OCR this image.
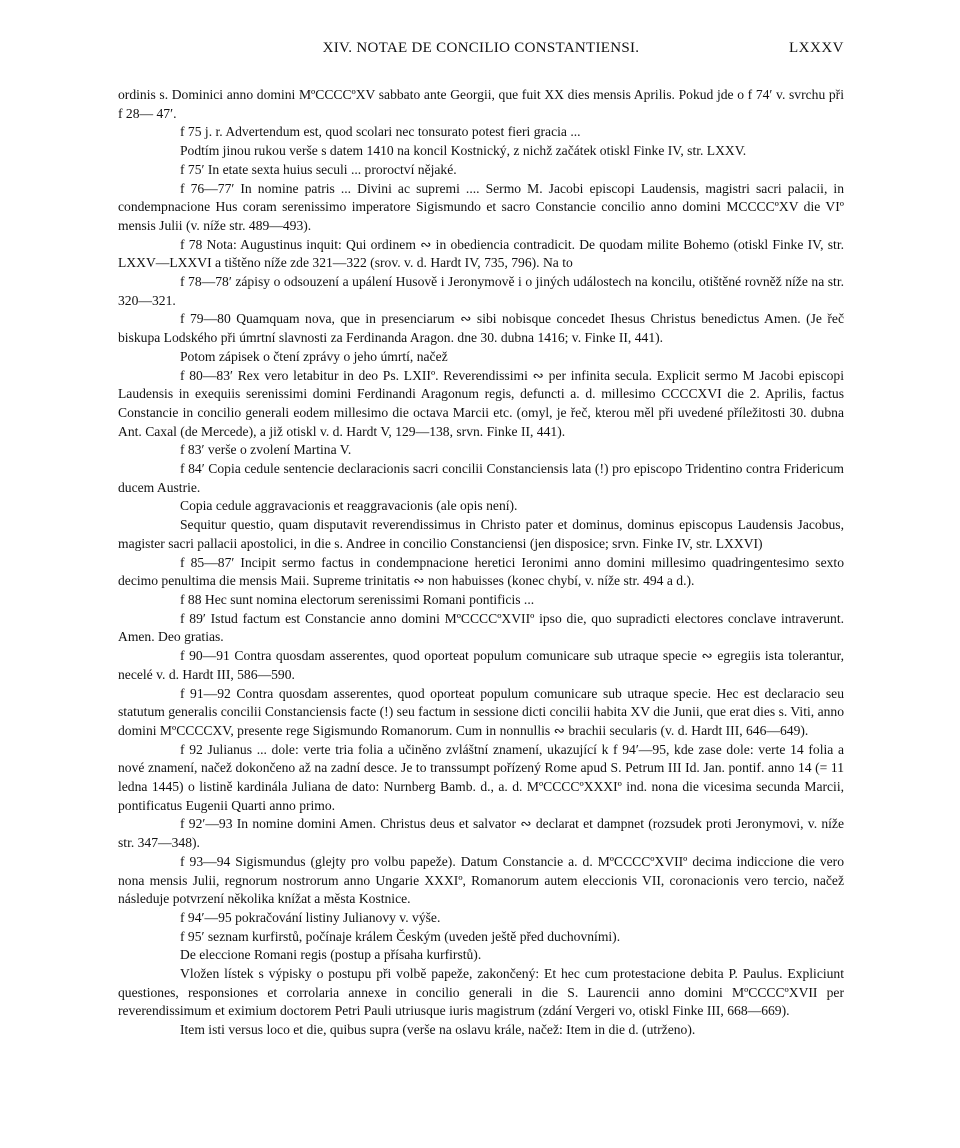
XIV. NOTAE DE CONCILIO CONSTANTIENSI.	LXXXV

ordinis s. Dominici anno domini MºCCCCºXV sabbato ante Georgii, que fuit XX dies mensis Aprilis. Pokud jde o f 74′ v. svrchu při f 28— 47′.

f 75 j. r. Advertendum est, quod scolari nec tonsurato potest fieri gracia ...

Podtím jinou rukou verše s datem 1410 na koncil Kostnický, z nichž začátek otiskl Finke IV, str. LXXV.

f 75′ In etate sexta huius seculi ... proroctví nějaké.

f 76—77′ In nomine patris ... Divini ac supremi .... Sermo M. Jacobi episcopi Laudensis, magistri sacri palacii, in condempnacione Hus coram serenissimo imperatore Sigismundo et sacro Constancie concilio anno domini MCCCCºXV die VIº mensis Julii (v. níže str. 489—493).

f 78 Nota: Augustinus inquit: Qui ordinem ∾ in obediencia contradicit. De quodam milite Bohemo (otiskl Finke IV, str. LXXV—LXXVI a tištěno níže zde 321—322 (srov. v. d. Hardt IV, 735, 796). Na to

f 78—78′ zápisy o odsouzení a upálení Husově i Jeronymově i o jiných událostech na koncilu, otištěné rovněž níže na str. 320—321.

f 79—80 Quamquam nova, que in presenciarum ∾ sibi nobisque concedet Ihesus Christus benedictus Amen. (Je řeč biskupa Lodského při úmrtní slavnosti za Ferdinanda Aragon. dne 30. dubna 1416; v. Finke II, 441).

Potom zápisek o čtení zprávy o jeho úmrtí, načež

f 80—83′ Rex vero letabitur in deo Ps. LXIIº. Reverendissimi ∾ per infinita secula. Explicit sermo M Jacobi episcopi Laudensis in exequiis serenissimi domini Ferdinandi Aragonum regis, defuncti a. d. millesimo CCCCXVI die 2. Aprilis, factus Constancie in concilio generali eodem millesimo die octava Marcii etc. (omyl, je řeč, kterou měl při uvedené příležitosti 30. dubna Ant. Caxal (de Mercede), a již otiskl v. d. Hardt V, 129—138, srvn. Finke II, 441).

f 83′ verše o zvolení Martina V.

f 84′ Copia cedule sentencie declaracionis sacri concilii Constanciensis lata (!) pro episcopo Tridentino contra Fridericum ducem Austrie.

Copia cedule aggravacionis et reaggravacionis (ale opis není).

Sequitur questio, quam disputavit reverendissimus in Christo pater et dominus, dominus episcopus Laudensis Jacobus, magister sacri pallacii apostolici, in die s. Andree in concilio Constanciensi (jen disposice; srvn. Finke IV, str. LXXVI)

f 85—87′ Incipit sermo factus in condempnacione heretici Ieronimi anno domini millesimo quadringentesimo sexto decimo penultima die mensis Maii. Supreme trinitatis ∾ non habuisses (konec chybí, v. níže str. 494 a d.).

f 88 Hec sunt nomina electorum serenissimi Romani pontificis ...

f 89′ Istud factum est Constancie anno domini MºCCCCºXVIIº ipso die, quo supradicti electores conclave intraverunt. Amen. Deo gratias.

f 90—91 Contra quosdam asserentes, quod oporteat populum comunicare sub utraque specie ∾ egregiis ista tolerantur, necelé v. d. Hardt III, 586—590.

f 91—92 Contra quosdam asserentes, quod oporteat populum comunicare sub utraque specie. Hec est declaracio seu statutum generalis concilii Constanciensis facte (!) seu factum in sessione dicti concilii habita XV die Junii, que erat dies s. Viti, anno domini MºCCCCXV, presente rege Sigismundo Romanorum. Cum in nonnullis ∾ brachii secularis (v. d. Hardt III, 646—649).

f 92 Julianus ... dole: verte tria folia a učiněno zvláštní znamení, ukazující k f 94′—95, kde zase dole: verte 14 folia a nové znamení, načež dokončeno až na zadní desce. Je to transsumpt pořízený Rome apud S. Petrum III Id. Jan. pontif. anno 14 (= 11 ledna 1445) o listině kardinála Juliana de dato: Nurnberg Bamb. d., a. d. MºCCCCºXXXIº ind. nona die vicesima secunda Marcii, pontificatus Eugenii Quarti anno primo.

f 92′—93 In nomine domini Amen. Christus deus et salvator ∾ declarat et dampnet (rozsudek proti Jeronymovi, v. níže str. 347—348).

f 93—94 Sigismundus (glejty pro volbu papeže). Datum Constancie a. d. MºCCCCºXVIIº decima indiccione die vero nona mensis Julii, regnorum nostrorum anno Ungarie XXXIº, Romanorum autem eleccionis VII, coronacionis vero tercio, načež následuje potvrzení několika knížat a města Kostnice.

f 94′—95 pokračování listiny Julianovy v. výše.

f 95′ seznam kurfirstů, počínaje králem Českým (uveden ještě před duchovními).

De eleccione Romani regis (postup a přísaha kurfirstů).

Vložen lístek s výpisky o postupu při volbě papeže, zakončený: Et hec cum protestacione debita P. Paulus. Expliciunt questiones, responsiones et corrolaria annexe in concilio generali in die S. Laurencii anno domini MºCCCCºXVII per reverendissimum et eximium doctorem Petri Pauli utriusque iuris magistrum (zdání Vergeri vo, otiskl Finke III, 668—669).

Item isti versus loco et die, quibus supra (verše na oslavu krále, načež: Item in die d. (utrženo).
